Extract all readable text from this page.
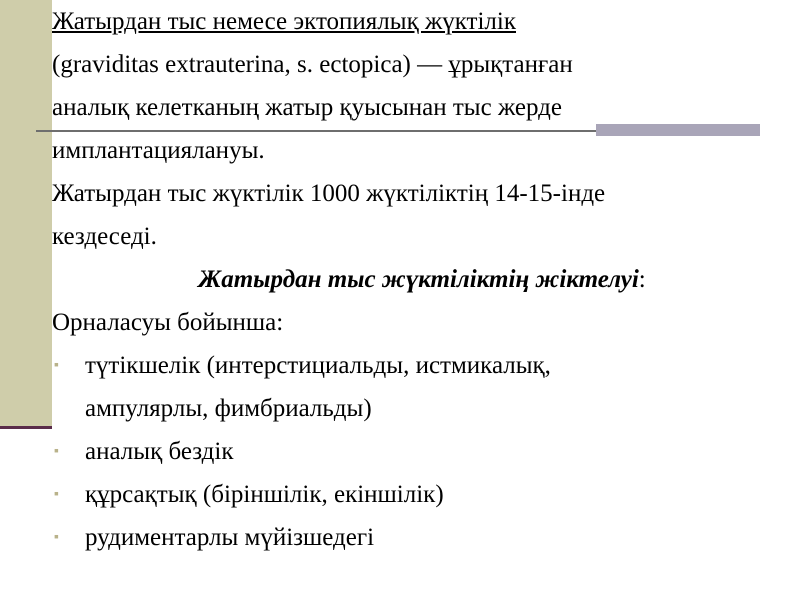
Жатырдан тыс немесе эктопиялық жүктілік
(graviditas extrauterina, s. ectopica) — ұрықтанған
аналық келетканың жатыр қуысынан тыс жерде
имплантациялануы.
Жатырдан тыс жүктілік 1000 жүктіліктің 14-15-інде
кездеседі.
Жатырдан тыс жүктіліктің жіктелуі:
Орналасуы бойынша:
▪ түтікшелік (интерстициальды, истмикалық,
ампулярлы, фимбриальды)
▪ аналық бездік
▪ құрсақтық (біріншілік, екіншілік)
▪ рудиментарлы мүйізшедегі
